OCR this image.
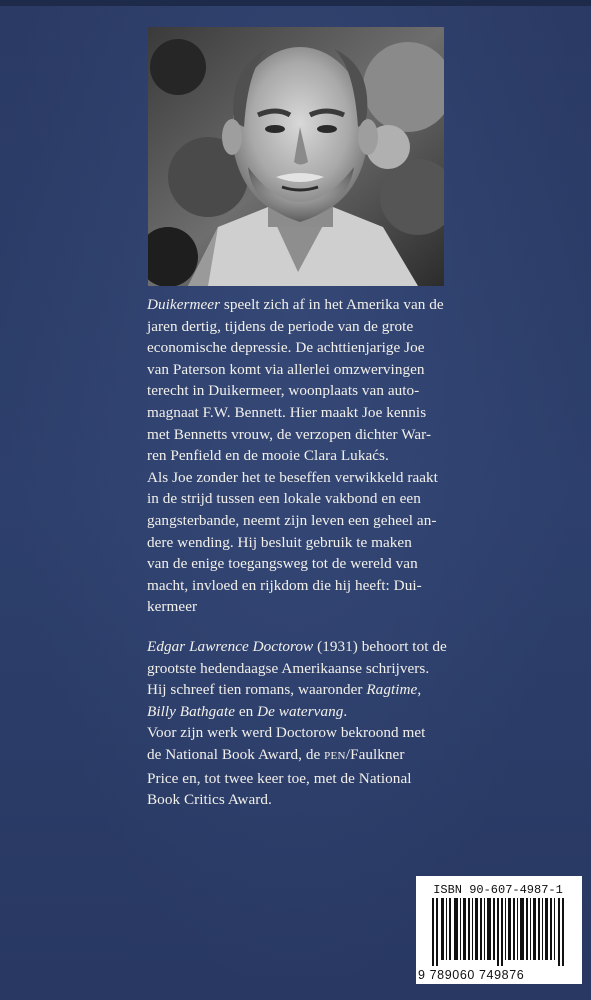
Duikermeer speelt zich af in het Amerika van de
jaren dertig, tijdens de periode van de grote
economische depressie. De achttienjarige Joe
van Paterson komt via allerlei omzwervingen
terecht in Duikermeer, woonplaats van auto-
magnaat F.W. Bennett. Hier maakt Joe kennis
met Bennetts vrouw, de verzopen dichter War-
ren Penfield en de mooie Clara Lukaćs.
Als Joe zonder het te beseffen verwikkeld raakt
in de strijd tussen een lokale vakbond en een
gangsterbande, neemt zijn leven een geheel an-
dere wending. Hij besluit gebruik te maken
van de enige toegangsweg tot de wereld van
macht, invloed en rijkdom die hij heeft: Dui-
kermeer
Edgar Lawrence Doctorow (1931) behoort tot de
grootste hedendaagse Amerikaanse schrijvers.
Hij schreef tien romans, waaronder Ragtime,
Billy Bathgate en De watervang.
Voor zijn werk werd Doctorow bekroond met
de National Book Award, de PEN/Faulkner
Price en, tot twee keer toe, met de National
Book Critics Award.
ISBN 90-607-4987-1
9 789060 749876
